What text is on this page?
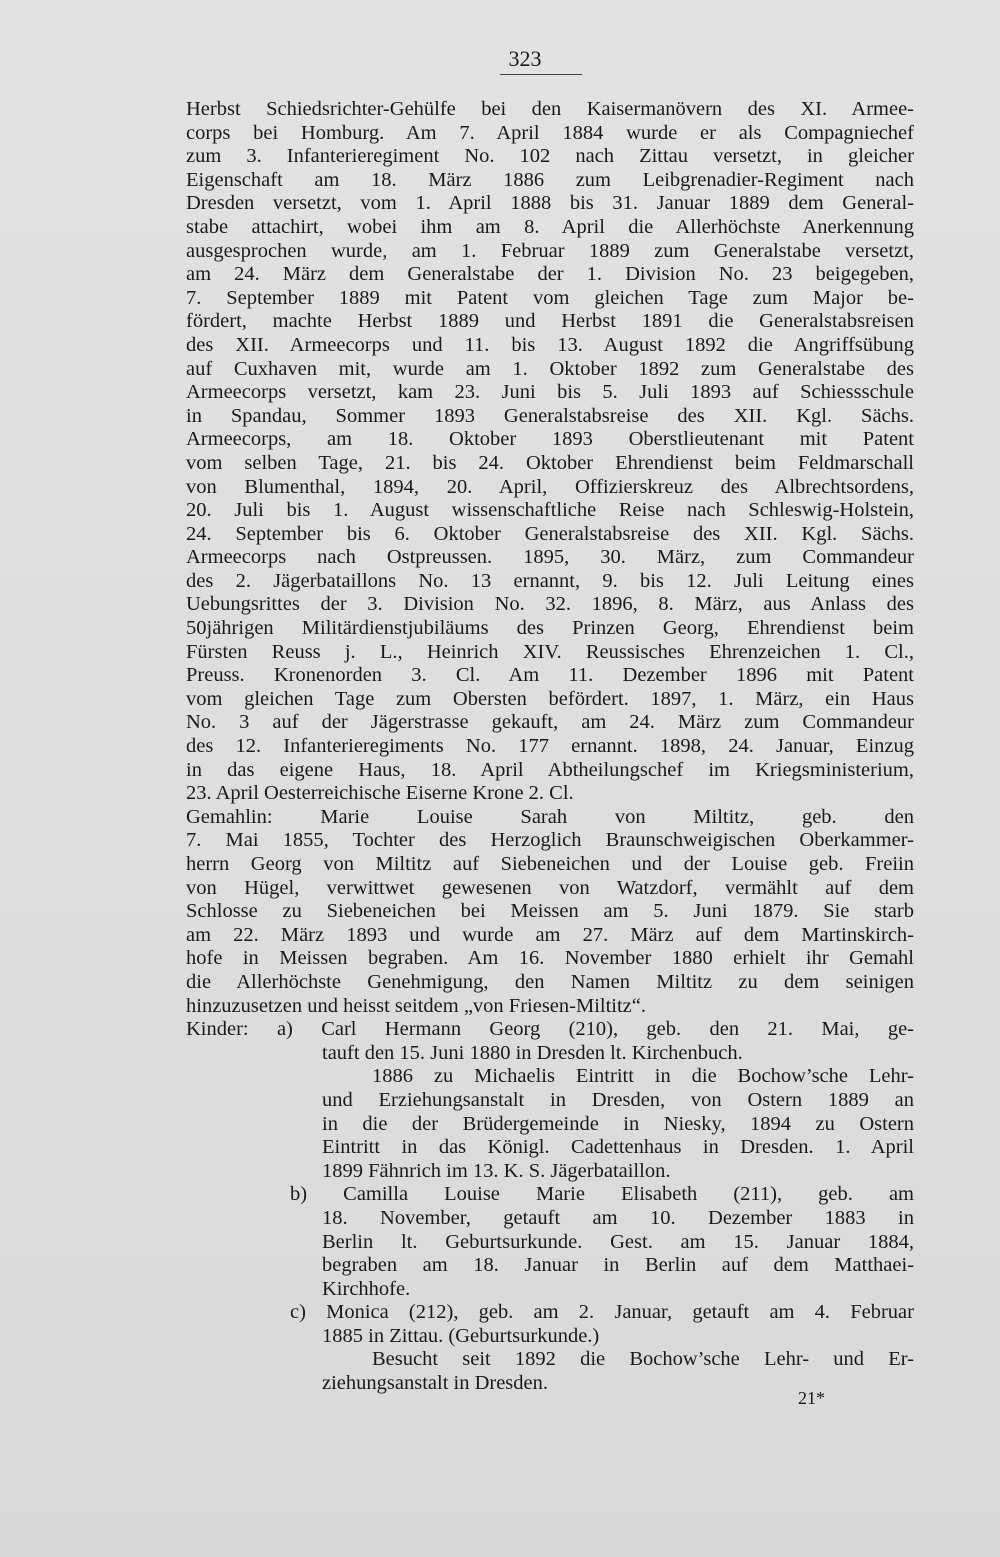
323
Herbst Schiedsrichter-Gehülfe bei den Kaisermanövern des XI. Armee-
corps bei Homburg. Am 7. April 1884 wurde er als Compagniechef
zum 3. Infanterieregiment No. 102 nach Zittau versetzt, in gleicher
Eigenschaft am 18. März 1886 zum Leibgrenadier-Regiment nach
Dresden versetzt, vom 1. April 1888 bis 31. Januar 1889 dem General-
stabe attachirt, wobei ihm am 8. April die Allerhöchste Anerkennung
ausgesprochen wurde, am 1. Februar 1889 zum Generalstabe versetzt,
am 24. März dem Generalstabe der 1. Division No. 23 beigegeben,
7. September 1889 mit Patent vom gleichen Tage zum Major be-
fördert, machte Herbst 1889 und Herbst 1891 die Generalstabsreisen
des XII. Armeecorps und 11. bis 13. August 1892 die Angriffsübung
auf Cuxhaven mit, wurde am 1. Oktober 1892 zum Generalstabe des
Armeecorps versetzt, kam 23. Juni bis 5. Juli 1893 auf Schiessschule
in Spandau, Sommer 1893 Generalstabsreise des XII. Kgl. Sächs.
Armeecorps, am 18. Oktober 1893 Oberstlieutenant mit Patent
vom selben Tage, 21. bis 24. Oktober Ehrendienst beim Feldmarschall
von Blumenthal, 1894, 20. April, Offizierskreuz des Albrechtsordens,
20. Juli bis 1. August wissenschaftliche Reise nach Schleswig-Holstein,
24. September bis 6. Oktober Generalstabsreise des XII. Kgl. Sächs.
Armeecorps nach Ostpreussen. 1895, 30. März, zum Commandeur
des 2. Jägerbataillons No. 13 ernannt, 9. bis 12. Juli Leitung eines
Uebungsrittes der 3. Division No. 32. 1896, 8. März, aus Anlass des
50jährigen Militärdienstjubiläums des Prinzen Georg, Ehrendienst beim
Fürsten Reuss j. L., Heinrich XIV. Reussisches Ehrenzeichen 1. Cl.,
Preuss. Kronenorden 3. Cl. Am 11. Dezember 1896 mit Patent
vom gleichen Tage zum Obersten befördert. 1897, 1. März, ein Haus
No. 3 auf der Jägerstrasse gekauft, am 24. März zum Commandeur
des 12. Infanterieregiments No. 177 ernannt. 1898, 24. Januar, Einzug
in das eigene Haus, 18. April Abtheilungschef im Kriegsministerium,
23. April Oesterreichische Eiserne Krone 2. Cl.
Gemahlin: Marie Louise Sarah von Miltitz, geb. den
7. Mai 1855, Tochter des Herzoglich Braunschweigischen Oberkammer-
herrn Georg von Miltitz auf Siebeneichen und der Louise geb. Freiin
von Hügel, verwittwet gewesenen von Watzdorf, vermählt auf dem
Schlosse zu Siebeneichen bei Meissen am 5. Juni 1879. Sie starb
am 22. März 1893 und wurde am 27. März auf dem Martinskirch-
hofe in Meissen begraben. Am 16. November 1880 erhielt ihr Gemahl
die Allerhöchste Genehmigung, den Namen Miltitz zu dem seinigen
hinzuzusetzen und heisst seitdem „von Friesen-Miltitz“.
Kinder: a) Carl Hermann Georg (210), geb. den 21. Mai, ge-
tauft den 15. Juni 1880 in Dresden lt. Kirchenbuch.
1886 zu Michaelis Eintritt in die Bochow’sche Lehr-
und Erziehungsanstalt in Dresden, von Ostern 1889 an
in die der Brüdergemeinde in Niesky, 1894 zu Ostern
Eintritt in das Königl. Cadettenhaus in Dresden. 1. April
1899 Fähnrich im 13. K. S. Jägerbataillon.
b) Camilla Louise Marie Elisabeth (211), geb. am
18. November, getauft am 10. Dezember 1883 in
Berlin lt. Geburtsurkunde. Gest. am 15. Januar 1884,
begraben am 18. Januar in Berlin auf dem Matthaei-
Kirchhofe.
c) Monica (212), geb. am 2. Januar, getauft am 4. Februar
1885 in Zittau. (Geburtsurkunde.)
Besucht seit 1892 die Bochow’sche Lehr- und Er-
ziehungsanstalt in Dresden.
21*
